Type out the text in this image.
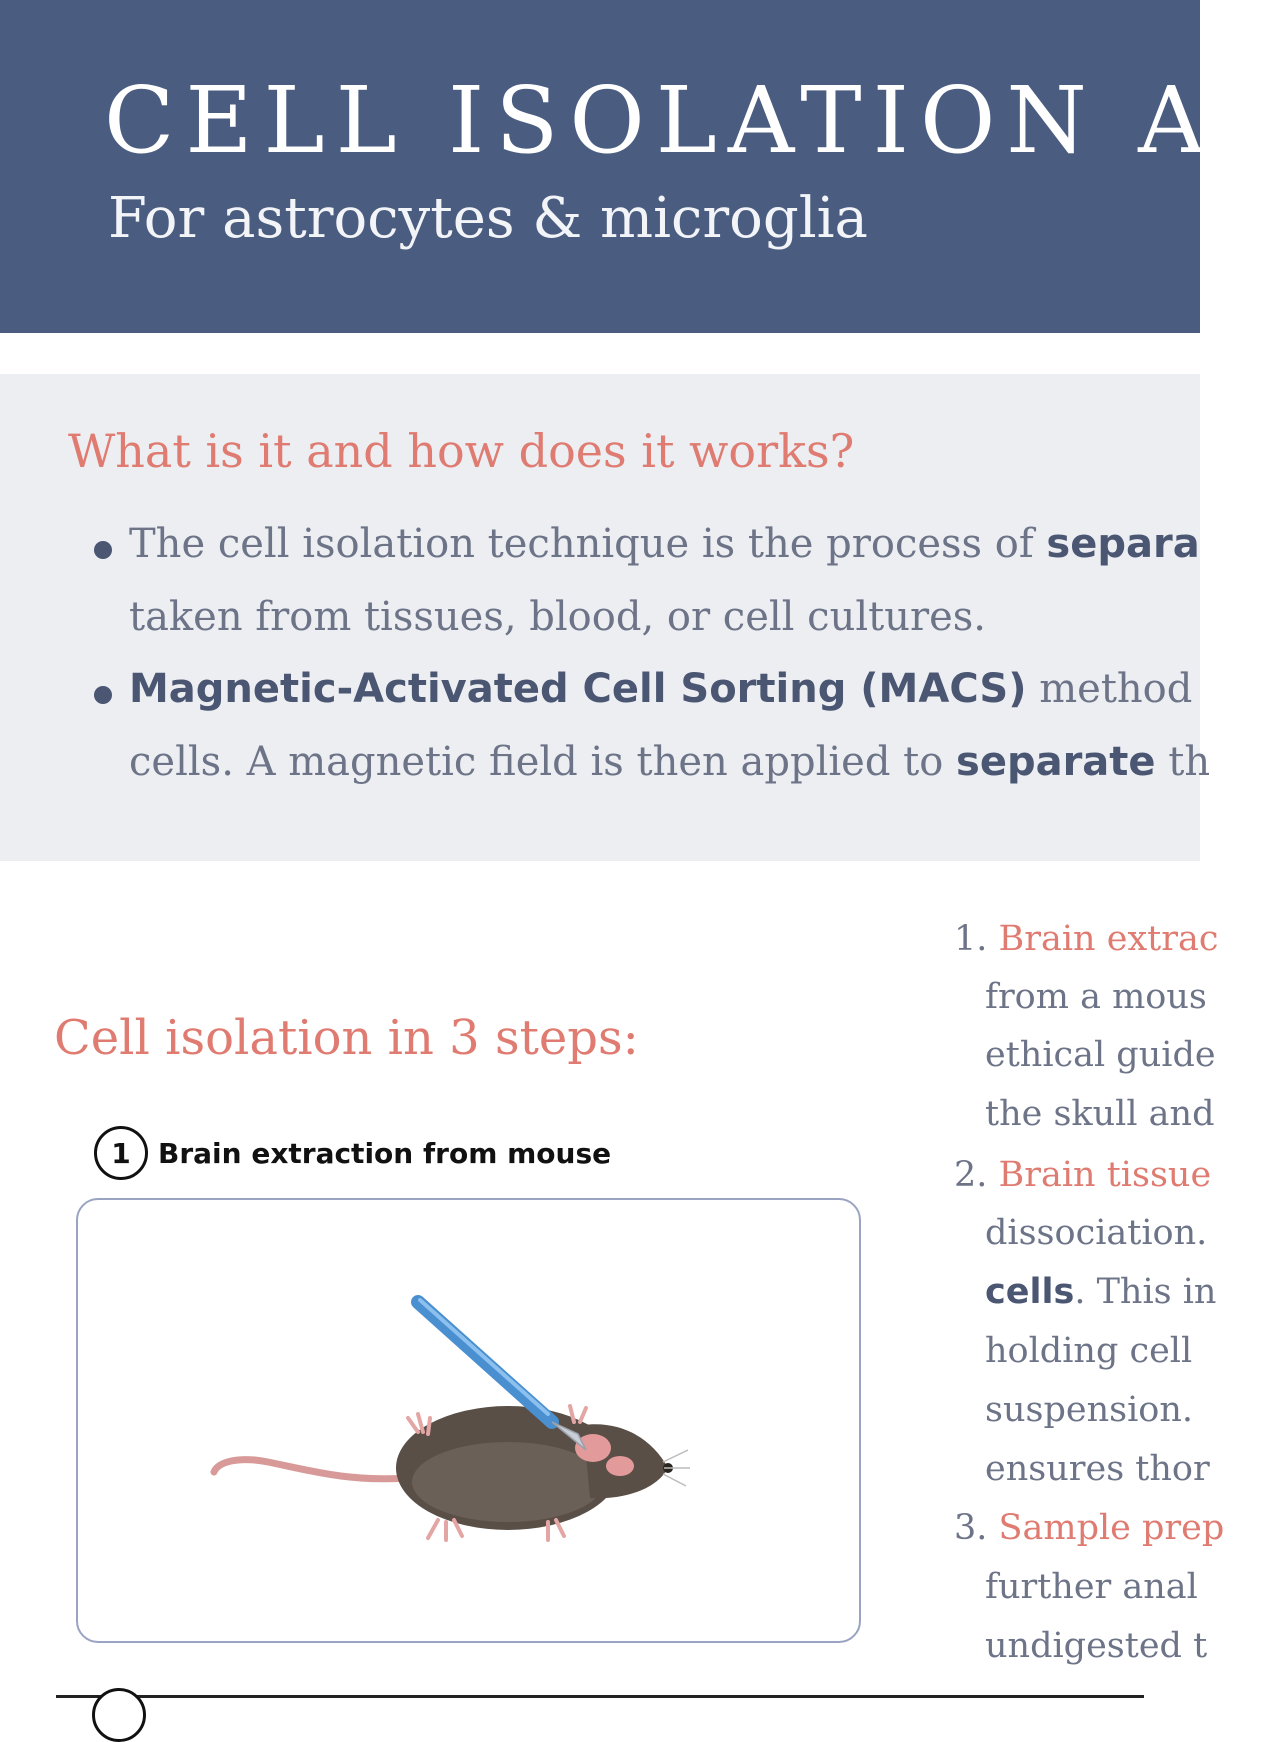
CELL ISOLATION AI
For astrocytes & microglia
What is it and how does it works?
The cell isolation technique is the process of separa
taken from tissues, blood, or cell cultures.
Magnetic-Activated Cell Sorting (MACS) method
cells. A magnetic field is then applied to separate th
Cell isolation in 3 steps:
1 Brain extraction from mouse
1. Brain extrac
from a mous
ethical guide
the skull and
2. Brain tissue
dissociation.
cells. This in
holding cell
suspension.
ensures thor
3. Sample prep
further anal
undigested t
